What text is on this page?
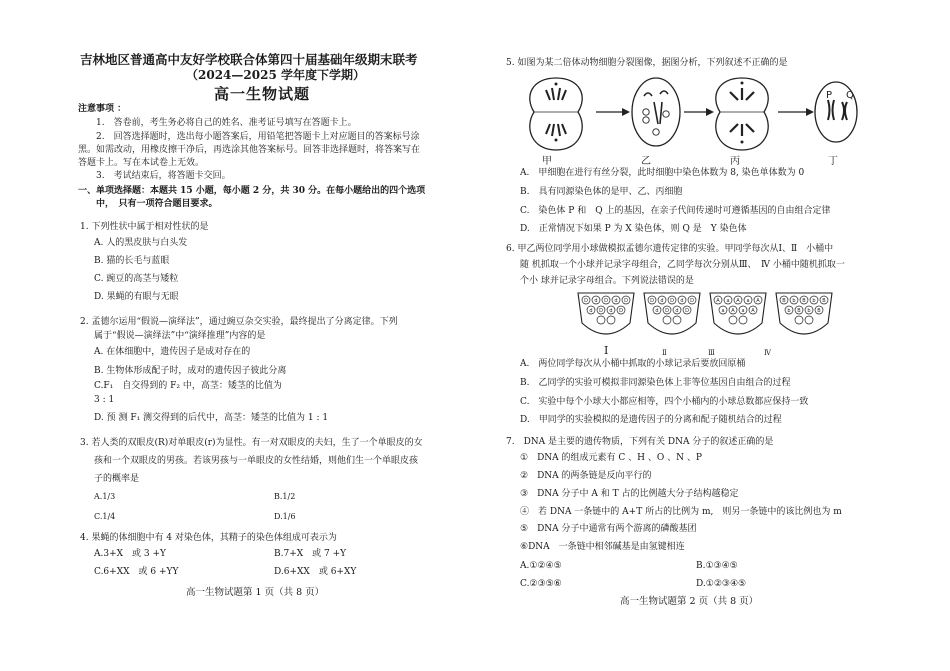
吉林地区普通高中友好学校联合体第四十届基础年级期末联考
（2024—2025 学年度下学期）
高一生物试题
注意事项 ：
1.　答卷前，考生务必将自己的姓名、准考证号填写在答题卡上。
2.　回答选择题时，选出每小题答案后，用铅笔把答题卡上对应题目的答案标号涂
黑。如需改动，用橡皮擦干净后，再选涂其他答案标号。回答非选择题时，将答案写在
答题卡上。写在本试卷上无效。
3.　考试结束后，将答题卡交回。
一、单项选择题：本题共 15 小题，每小题 2 分，共 30 分。在每小题给出的四个选项
中，　只有一项符合题目要求。
1. 下列性状中属于相对性状的是
A. 人的黑皮肤与白头发
B. 猫的长毛与蓝眼
C. 豌豆的高茎与矮粒
D. 果蝇的有眼与无眼
2. 孟德尔运用“假说—演绎法”，通过豌豆杂交实验，最终提出了分离定律。下列
属于“假说—演绎法”中“演绎推理”内容的是
A. 在体细胞中，遗传因子是成对存在的
B. 生物体形成配子时，成对的遗传因子彼此分离
C.F₁　自交得到的 F₂ 中，高茎：矮茎的比值为
3 : 1
D. 预 测 F₁ 测交得到的后代中，高茎：矮茎的比值为 1 : 1
3. 若人类的双眼皮(R)对单眼皮(r)为显性。有一对双眼皮的夫妇，生了一个单眼皮的女
孩和一个双眼皮的男孩。若该男孩与一单眼皮的女性结婚，则他们生一个单眼皮孩
子的概率是
A.1/3	B.1/2
C.1/4	D.1/6
4. 果蝇的体细胞中有 4 对染色体，其精子的染色体组成可表示为
A.3+X　或 3 +Y	B.7+X　或 7 +Y
C.6+XX　或 6 +YY	D.6+XX　或 6+XY
高一生物试题第 1 页（共 8 页）
5. 如图为某二倍体动物细胞分裂图像，据图分析，下列叙述不正确的是
P Q
甲	乙	丙	丁
A.　甲细胞在进行有丝分裂，此时细胞中染色体数为 8, 染色单体数为 0
B.　具有同源染色体的是甲、乙、丙细胞
C.　染色体 P 和　Q 上的基因，在亲子代间传递时可遵循基因的自由组合定律
D.　正常情况下如果 P 为 X 染色体，则 Q 是　Y 染色体
6. 甲乙两位同学用小球做模拟孟德尔遗传定律的实验。甲同学每次从Ⅰ、Ⅱ　小桶中
随 机抓取一个小球并记录字母组合，乙同学每次分别从Ⅲ、　Ⅳ 小桶中随机抓取一
个小 球并记录字母组合。下列说法错误的是
D d D d D
d D d D
D d D d D
d D d D
A a A a A
a A a A
B b B b B
b B b B
Ⅰ	Ⅱ	Ⅲ	Ⅳ
A.　两位同学每次从小桶中抓取的小球记录后要放回原桶
B.　乙同学的实验可模拟非同源染色体上非等位基因自由组合的过程
C.　实验中每个小球大小都应相等，四个小桶内的小球总数都应保持一致
D.　甲同学的实验模拟的是遗传因子的分离和配子随机结合的过程
7.　DNA 是主要的遗传物质，下列有关 DNA 分子的叙述正确的是
①　DNA 的组成元素有 C 、H 、O 、N 、P
②　DNA 的两条链是反向平行的
③　DNA 分子中 A 和 T 占的比例越大分子结构越稳定
④　若 DNA 一条链中的 A+T 所占的比例为 m,　则另一条链中的该比例也为 m
⑤　DNA 分子中通常有两个游离的磷酸基团
⑥DNA　一条链中相邻碱基是由氢键相连
A.①②④⑤	B.①③④⑤
C.②③⑤⑥	D.①②③④⑤
高一生物试题第 2 页（共 8 页）
